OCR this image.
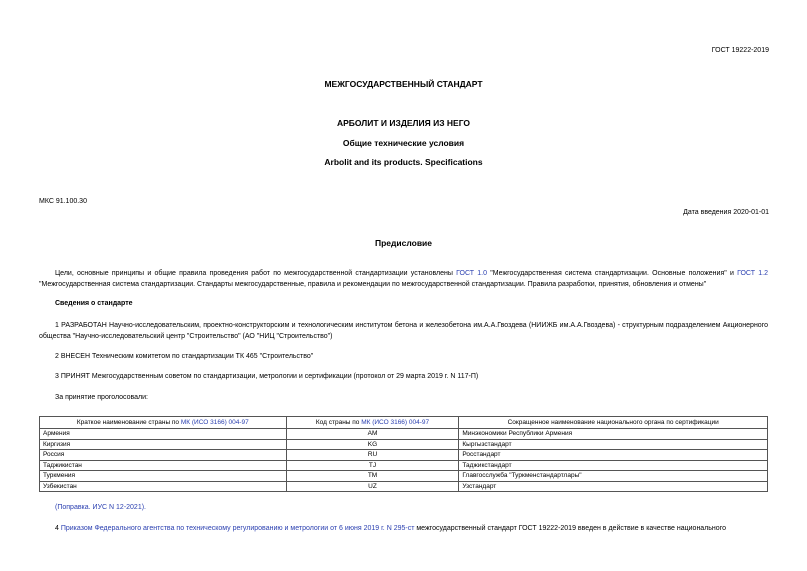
ГОСТ 19222-2019
МЕЖГОСУДАРСТВЕННЫЙ СТАНДАРТ
АРБОЛИТ И ИЗДЕЛИЯ ИЗ НЕГО
Общие технические условия
Arbolit and its products. Specifications
МКС 91.100.30
Дата введения 2020-01-01
Предисловие
Цели, основные принципы и общие правила проведения работ по межгосударственной стандартизации установлены ГОСТ 1.0 "Межгосударственная система стандартизации. Основные положения" и ГОСТ 1.2 "Межгосударственная система стандартизации. Стандарты межгосударственные, правила и рекомендации по межгосударственной стандартизации. Правила разработки, принятия, обновления и отмены"
Сведения о стандарте
1 РАЗРАБОТАН Научно-исследовательским, проектно-конструкторским и технологическим институтом бетона и железобетона им.А.А.Гвоздева (НИИЖБ им.А.А.Гвоздева) - структурным подразделением Акционерного общества "Научно-исследовательский центр "Строительство" (АО "НИЦ "Строительство")
2 ВНЕСЕН Техническим комитетом по стандартизации ТК 465 "Строительство"
3 ПРИНЯТ Межгосударственным советом по стандартизации, метрологии и сертификации (протокол от 29 марта 2019 г. N 117-П)
За принятие проголосовали:
Краткое наименование страны по МК (ИСО 3166) 004-97	Код страны по МК (ИСО 3166) 004-97	Сокращенное наименование национального органа по сертификации
Армения	AM	Минэкономики Республики Армения
Киргизия	KG	Кыргызстандарт
Россия	RU	Росстандарт
Таджикистан	TJ	Таджикстандарт
Туркмения	TM	Главгосслужба "Туркменстандартлары"
Узбекистан	UZ	Узстандарт
(Поправка. ИУС N 12-2021).
4 Приказом Федерального агентства по техническому регулированию и метрологии от 6 июня 2019 г. N 295-ст межгосударственный стандарт ГОСТ 19222-2019 введен в действие в качестве национального
